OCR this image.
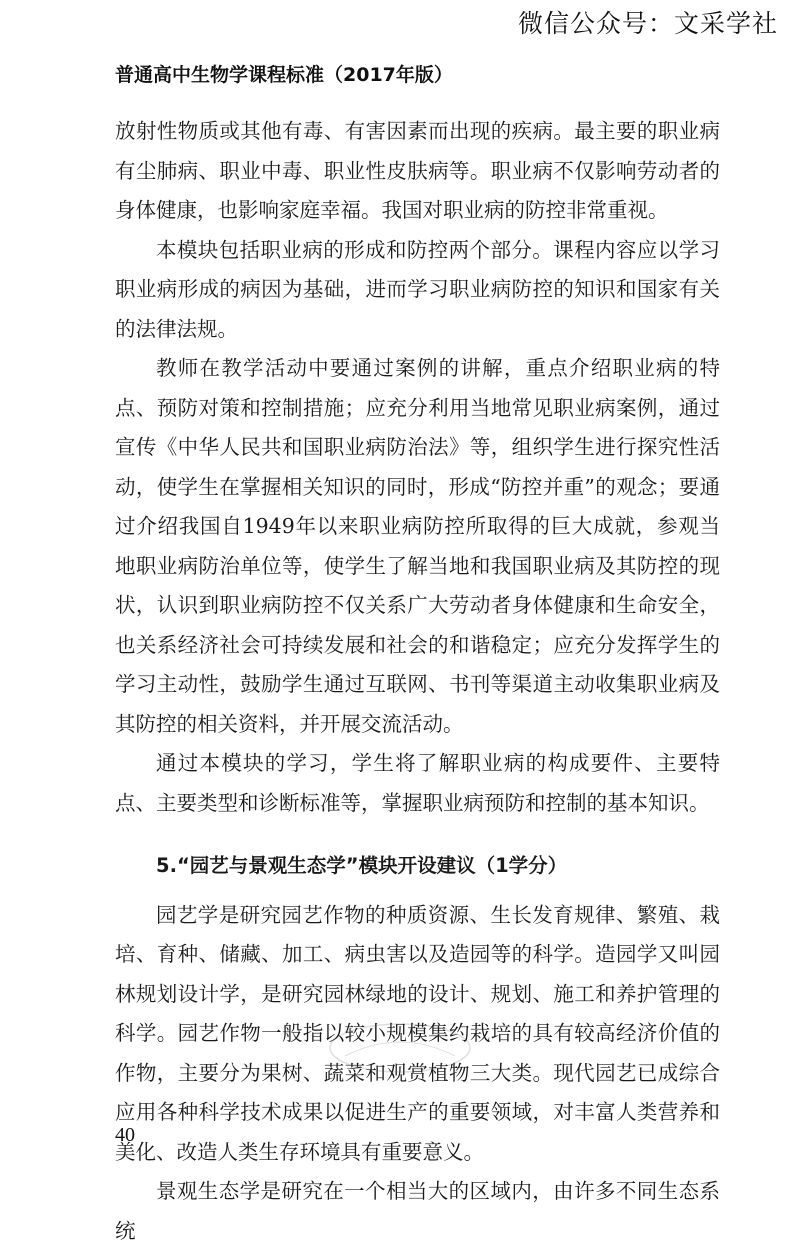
微信公众号：文采学社
普通高中生物学课程标准（2017年版）

放射性物质或其他有毒、有害因素而出现的疾病。最主要的职业病有尘肺病、职业中毒、职业性皮肤病等。职业病不仅影响劳动者的身体健康，也影响家庭幸福。我国对职业病的防控非常重视。

本模块包括职业病的形成和防控两个部分。课程内容应以学习职业病形成的病因为基础，进而学习职业病防控的知识和国家有关的法律法规。

教师在教学活动中要通过案例的讲解，重点介绍职业病的特点、预防对策和控制措施；应充分利用当地常见职业病案例，通过宣传《中华人民共和国职业病防治法》等，组织学生进行探究性活动，使学生在掌握相关知识的同时，形成“防控并重”的观念；要通过介绍我国自1949年以来职业病防控所取得的巨大成就，参观当地职业病防治单位等，使学生了解当地和我国职业病及其防控的现状，认识到职业病防控不仅关系广大劳动者身体健康和生命安全，也关系经济社会可持续发展和社会的和谐稳定；应充分发挥学生的学习主动性，鼓励学生通过互联网、书刊等渠道主动收集职业病及其防控的相关资料，并开展交流活动。

通过本模块的学习，学生将了解职业病的构成要件、主要特点、主要类型和诊断标准等，掌握职业病预防和控制的基本知识。

5.“园艺与景观生态学”模块开设建议（1学分）

园艺学是研究园艺作物的种质资源、生长发育规律、繁殖、栽培、育种、储藏、加工、病虫害以及造园等的科学。造园学又叫园林规划设计学，是研究园林绿地的设计、规划、施工和养护管理的科学。园艺作物一般指以较小规模集约栽培的具有较高经济价值的作物，主要分为果树、蔬菜和观赏植物三大类。现代园艺已成综合应用各种科学技术成果以促进生产的重要领域，对丰富人类营养和美化、改造人类生存环境具有重要意义。

景观生态学是研究在一个相当大的区域内，由许多不同生态系统

40
